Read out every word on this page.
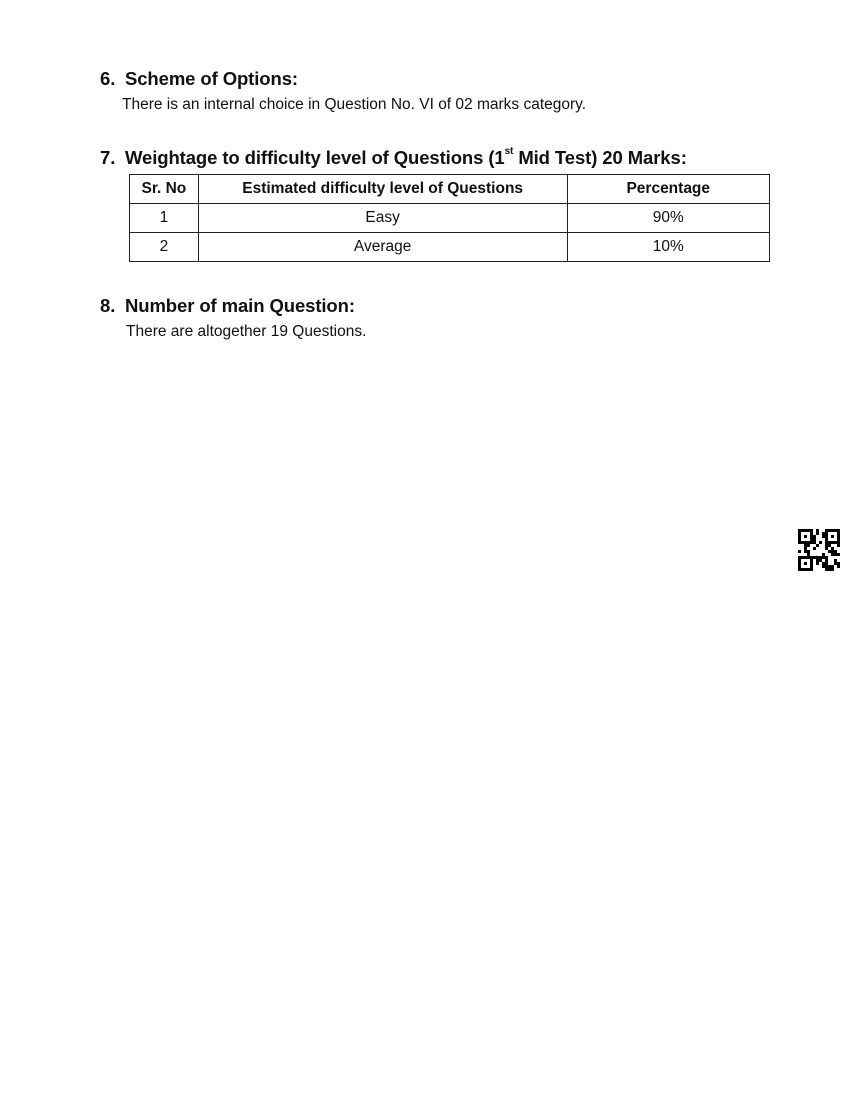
6. Scheme of Options:
There is an internal choice in Question No. VI of 02 marks category.
7. Weightage to difficulty level of Questions (1st Mid Test) 20 Marks:
Sr. No	Estimated difficulty level of Questions	Percentage
1	Easy	90%
2	Average	10%
8. Number of main Question:
There are altogether 19 Questions.
